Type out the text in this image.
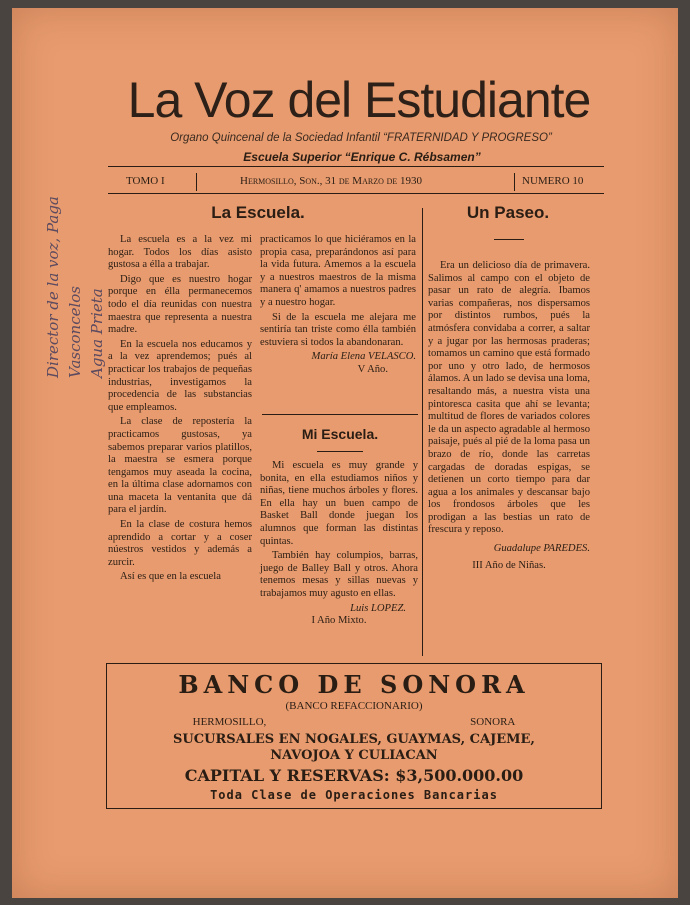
Director de la voz, Paga Vasconcelos Agua Prieta
La Voz del Estudiante
Organo Quincenal de la Sociedad Infantil “FRATERNIDAD Y PROGRESO”
Escuela Superior “Enrique C. Rébsamen”
TOMO I	Hermosillo, Son., 31 de Marzo de 1930	NUMERO 10
La Escuela.

La escuela es a la vez mi hogar. Todos los días asisto gustosa a élla a trabajar.

Digo que es nuestro hogar porque en élla permanecemos todo el día reunidas con nuestra maestra que representa a nuestra madre.

En la escuela nos educamos y a la vez aprendemos; pués al practicar los trabajos de pequeñas industrias, investigamos la procedencia de las substancias que empleamos.

La clase de repostería la practicamos gustosas, ya sabemos preparar varios platillos, la maestra se esmera porque tengamos muy aseada la cocina, en la última clase adornamos con una maceta la ventanita que dá para el jardín.

En la clase de costura hemos aprendido a cortar y a coser núestros vestidos y además a zurcir.

Así es que en la escuela

practicamos lo que hiciéramos en la propia casa, preparándonos así para la vida futura. Amemos a la escuela y a nuestros maestros de la misma manera q' amamos a nuestros padres y a nuestro hogar.

Si de la escuela me alejara me sentiría tan triste como élla también estuviera si todos la abandonaran.

María Elena VELASCO.
V Año.
Mi Escuela.

Mi escuela es muy grande y bonita, en ella estudiamos niños y niñas, tiene muchos árboles y flores. En ella hay un buen campo de Basket Ball donde juegan los alumnos que forman las distintas quintas.

También hay columpios, barras, juego de Balley Ball y otros. Ahora tenemos mesas y sillas nuevas y trabajamos muy agusto en ellas.

Luis LOPEZ.
I Año Mixto.
Un Paseo.

Era un delicioso día de primavera. Salimos al campo con el objeto de pasar un rato de alegría. Ibamos varias compañeras, nos dispersamos por distintos rumbos, pués la atmósfera convidaba a correr, a saltar y a jugar por las hermosas praderas; tomamos un camino que está formado por uno y otro lado, de hermosos álamos. A un lado se devisa una loma, resaltando más, a nuestra vista una pintoresca casita que ahí se levanta; multitud de flores de variados colores le da un aspecto agradable al hermoso paisaje, pués al pié de la loma pasa un brazo de río, donde las carretas cargadas de doradas espigas, se detienen un corto tiempo para dar agua a los animales y descansar bajo los frondosos árboles que les prodigan a las bestias un rato de frescura y reposo.

Guadalupe PAREDES.
III Año de Niñas.
BANCO DE SONORA
(BANCO REFACCIONARIO)
HERMOSILLO,	SONORA
SUCURSALES EN NOGALES, GUAYMAS, CAJEME,
NAVOJOA Y CULIACAN
CAPITAL Y RESERVAS: $3,500.000.00
Toda Clase de Operaciones Bancarias
